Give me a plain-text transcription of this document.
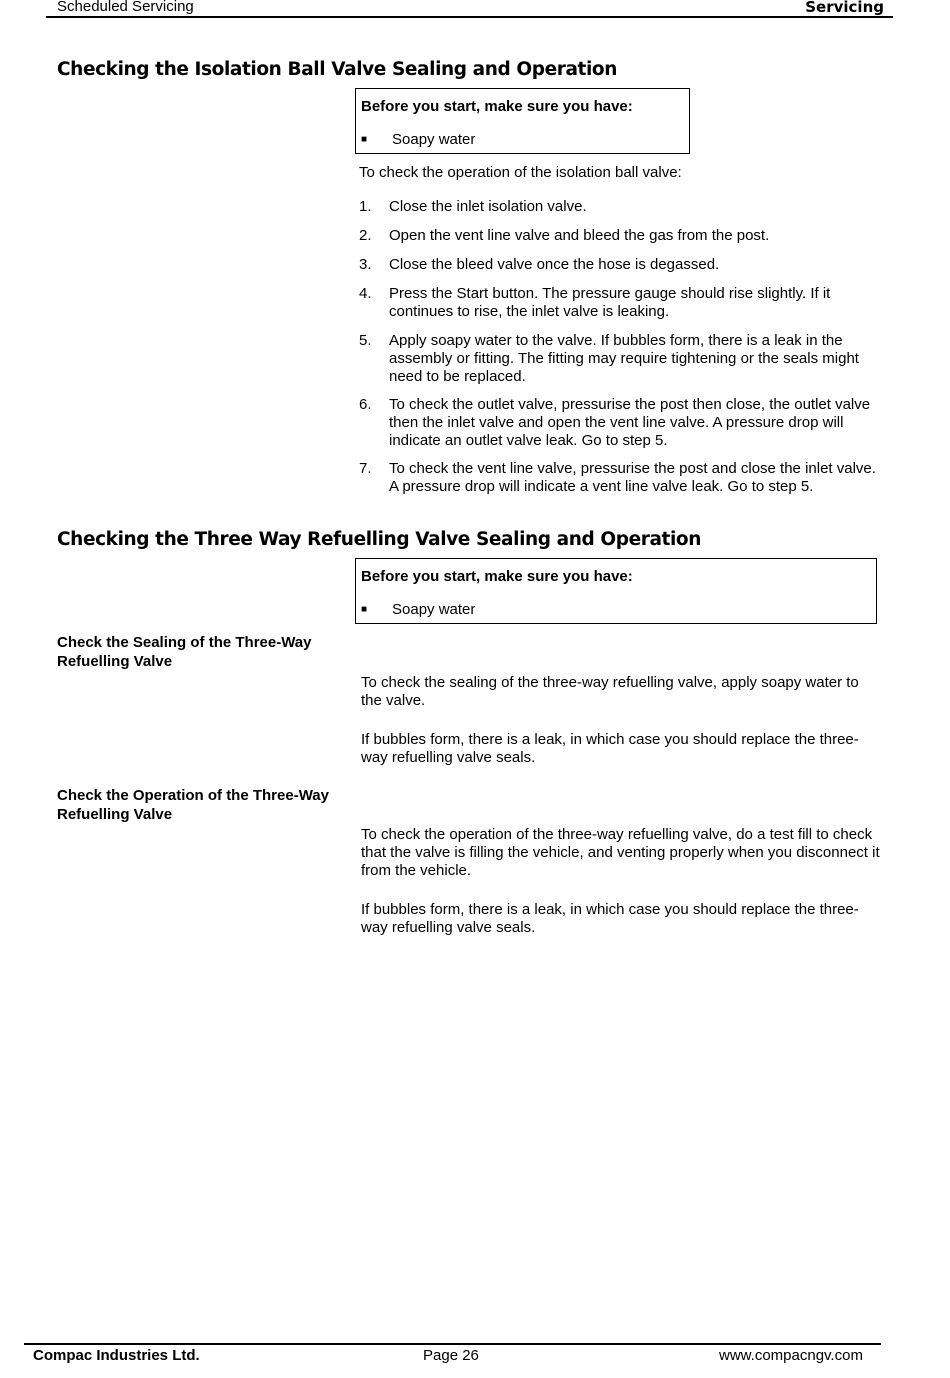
Scheduled Servicing	Servicing
Checking the Isolation Ball Valve Sealing and Operation
Before you start, make sure you have:
■ Soapy water
To check the operation of the isolation ball valve:
1. Close the inlet isolation valve.
2. Open the vent line valve and bleed the gas from the post.
3. Close the bleed valve once the hose is degassed.
4. Press the Start button. The pressure gauge should rise slightly. If it continues to rise, the inlet valve is leaking.
5. Apply soapy water to the valve. If bubbles form, there is a leak in the assembly or fitting. The fitting may require tightening or the seals might need to be replaced.
6. To check the outlet valve, pressurise the post then close, the outlet valve then the inlet valve and open the vent line valve. A pressure drop will indicate an outlet valve leak. Go to step 5.
7. To check the vent line valve, pressurise the post and close the inlet valve. A pressure drop will indicate a vent line valve leak. Go to step 5.
Checking the Three Way Refuelling Valve Sealing and Operation
Before you start, make sure you have:
■ Soapy water
Check the Sealing of the Three-Way Refuelling Valve
To check the sealing of the three-way refuelling valve, apply soapy water to the valve.
If bubbles form, there is a leak, in which case you should replace the three-way refuelling valve seals.
Check the Operation of the Three-Way Refuelling Valve
To check the operation of the three-way refuelling valve, do a test fill to check that the valve is filling the vehicle, and venting properly when you disconnect it from the vehicle.
If bubbles form, there is a leak, in which case you should replace the three-way refuelling valve seals.
Compac Industries Ltd.	Page 26	www.compacngv.com
